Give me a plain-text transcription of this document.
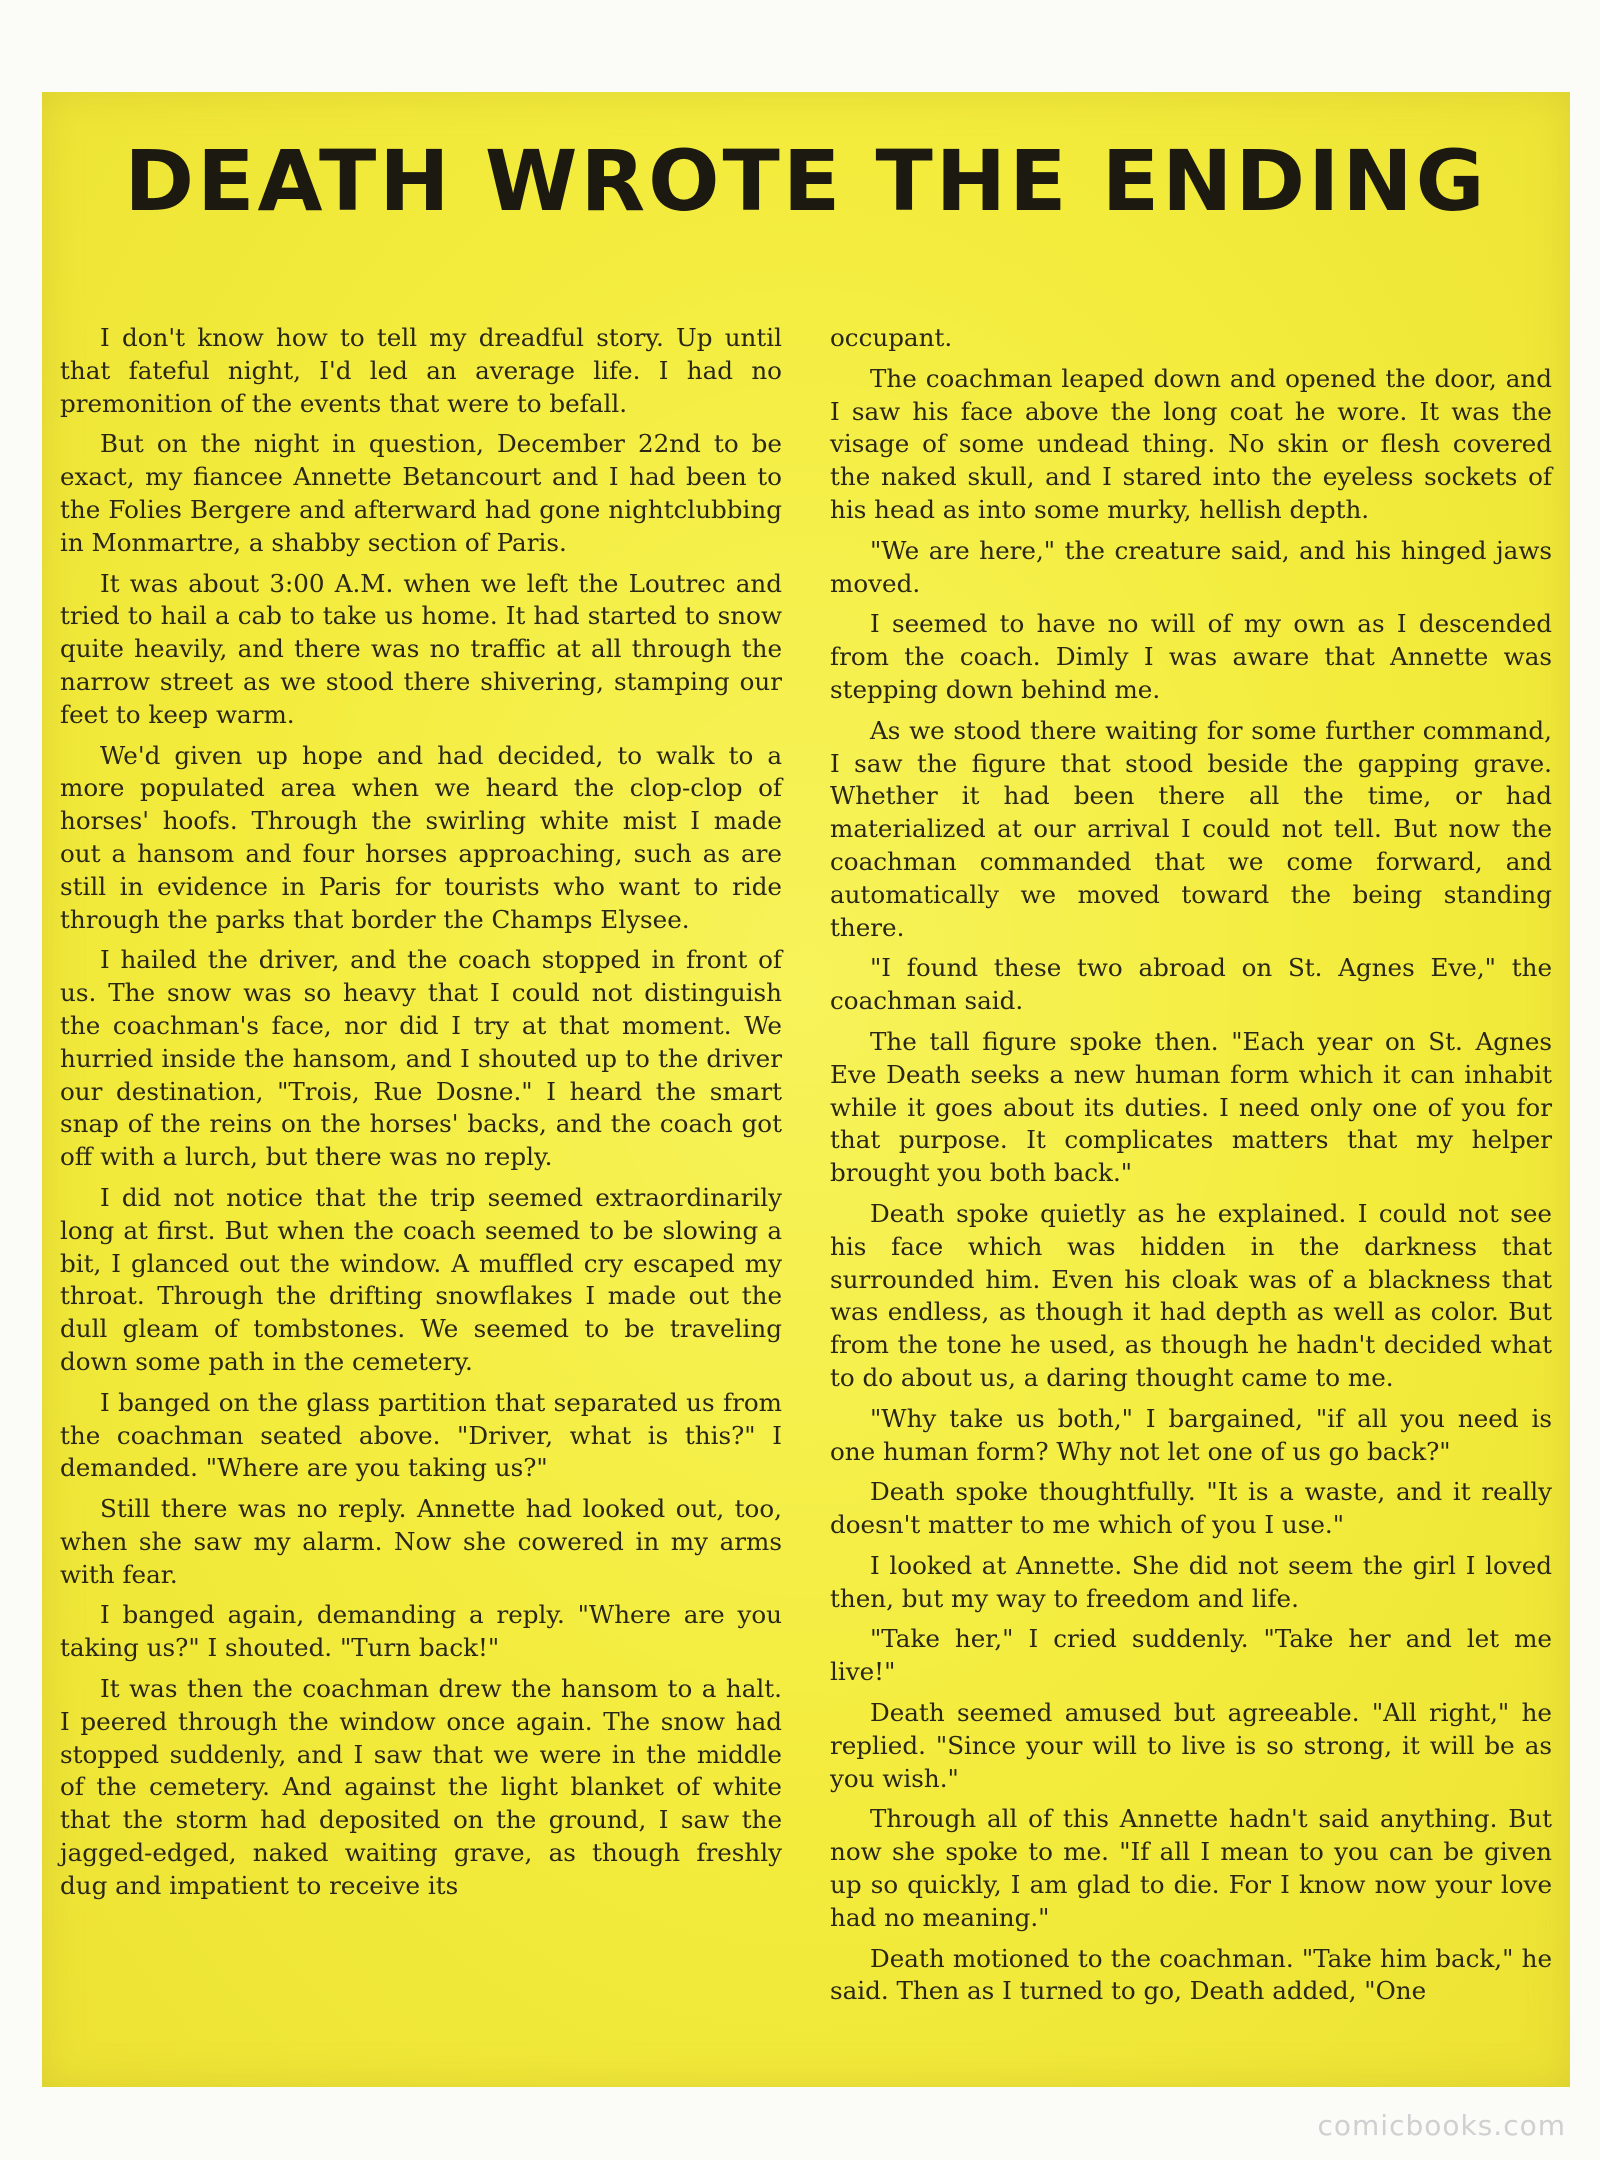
DEATH WROTE THE ENDING

I don't know how to tell my dreadful story. Up until that fateful night, I'd led an average life. I had no premonition of the events that were to befall.

But on the night in question, December 22nd to be exact, my fiancee Annette Betancourt and I had been to the Folies Bergere and afterward had gone nightclubbing in Monmartre, a shabby section of Paris.

It was about 3:00 A.M. when we left the Loutrec and tried to hail a cab to take us home. It had started to snow quite heavily, and there was no traffic at all through the narrow street as we stood there shivering, stamping our feet to keep warm.

We'd given up hope and had decided, to walk to a more populated area when we heard the clop-clop of horses' hoofs. Through the swirling white mist I made out a hansom and four horses approaching, such as are still in evidence in Paris for tourists who want to ride through the parks that border the Champs Elysee.

I hailed the driver, and the coach stopped in front of us. The snow was so heavy that I could not distinguish the coachman's face, nor did I try at that moment. We hurried inside the hansom, and I shouted up to the driver our destination, "Trois, Rue Dosne." I heard the smart snap of the reins on the horses' backs, and the coach got off with a lurch, but there was no reply.

I did not notice that the trip seemed extraordinarily long at first. But when the coach seemed to be slowing a bit, I glanced out the window. A muffled cry escaped my throat. Through the drifting snowflakes I made out the dull gleam of tombstones. We seemed to be traveling down some path in the cemetery.

I banged on the glass partition that separated us from the coachman seated above. "Driver, what is this?" I demanded. "Where are you taking us?"

Still there was no reply. Annette had looked out, too, when she saw my alarm. Now she cowered in my arms with fear.

I banged again, demanding a reply. "Where are you taking us?" I shouted. "Turn back!"

It was then the coachman drew the hansom to a halt. I peered through the window once again. The snow had stopped suddenly, and I saw that we were in the middle of the cemetery. And against the light blanket of white that the storm had deposited on the ground, I saw the jagged-edged, naked waiting grave, as though freshly dug and impatient to receive its

occupant.

The coachman leaped down and opened the door, and I saw his face above the long coat he wore. It was the visage of some undead thing. No skin or flesh covered the naked skull, and I stared into the eyeless sockets of his head as into some murky, hellish depth.

"We are here," the creature said, and his hinged jaws moved.

I seemed to have no will of my own as I descended from the coach. Dimly I was aware that Annette was stepping down behind me.

As we stood there waiting for some further command, I saw the figure that stood beside the gapping grave. Whether it had been there all the time, or had materialized at our arrival I could not tell. But now the coachman commanded that we come forward, and automatically we moved toward the being standing there.

"I found these two abroad on St. Agnes Eve," the coachman said.

The tall figure spoke then. "Each year on St. Agnes Eve Death seeks a new human form which it can inhabit while it goes about its duties. I need only one of you for that purpose. It complicates matters that my helper brought you both back."

Death spoke quietly as he explained. I could not see his face which was hidden in the darkness that surrounded him. Even his cloak was of a blackness that was endless, as though it had depth as well as color. But from the tone he used, as though he hadn't decided what to do about us, a daring thought came to me.

"Why take us both," I bargained, "if all you need is one human form? Why not let one of us go back?"

Death spoke thoughtfully. "It is a waste, and it really doesn't matter to me which of you I use."

I looked at Annette. She did not seem the girl I loved then, but my way to freedom and life.

"Take her," I cried suddenly. "Take her and let me live!"

Death seemed amused but agreeable. "All right," he replied. "Since your will to live is so strong, it will be as you wish."

Through all of this Annette hadn't said anything. But now she spoke to me. "If all I mean to you can be given up so quickly, I am glad to die. For I know now your love had no meaning."

Death motioned to the coachman. "Take him back," he said. Then as I turned to go, Death added, "One

comicbooks.com
